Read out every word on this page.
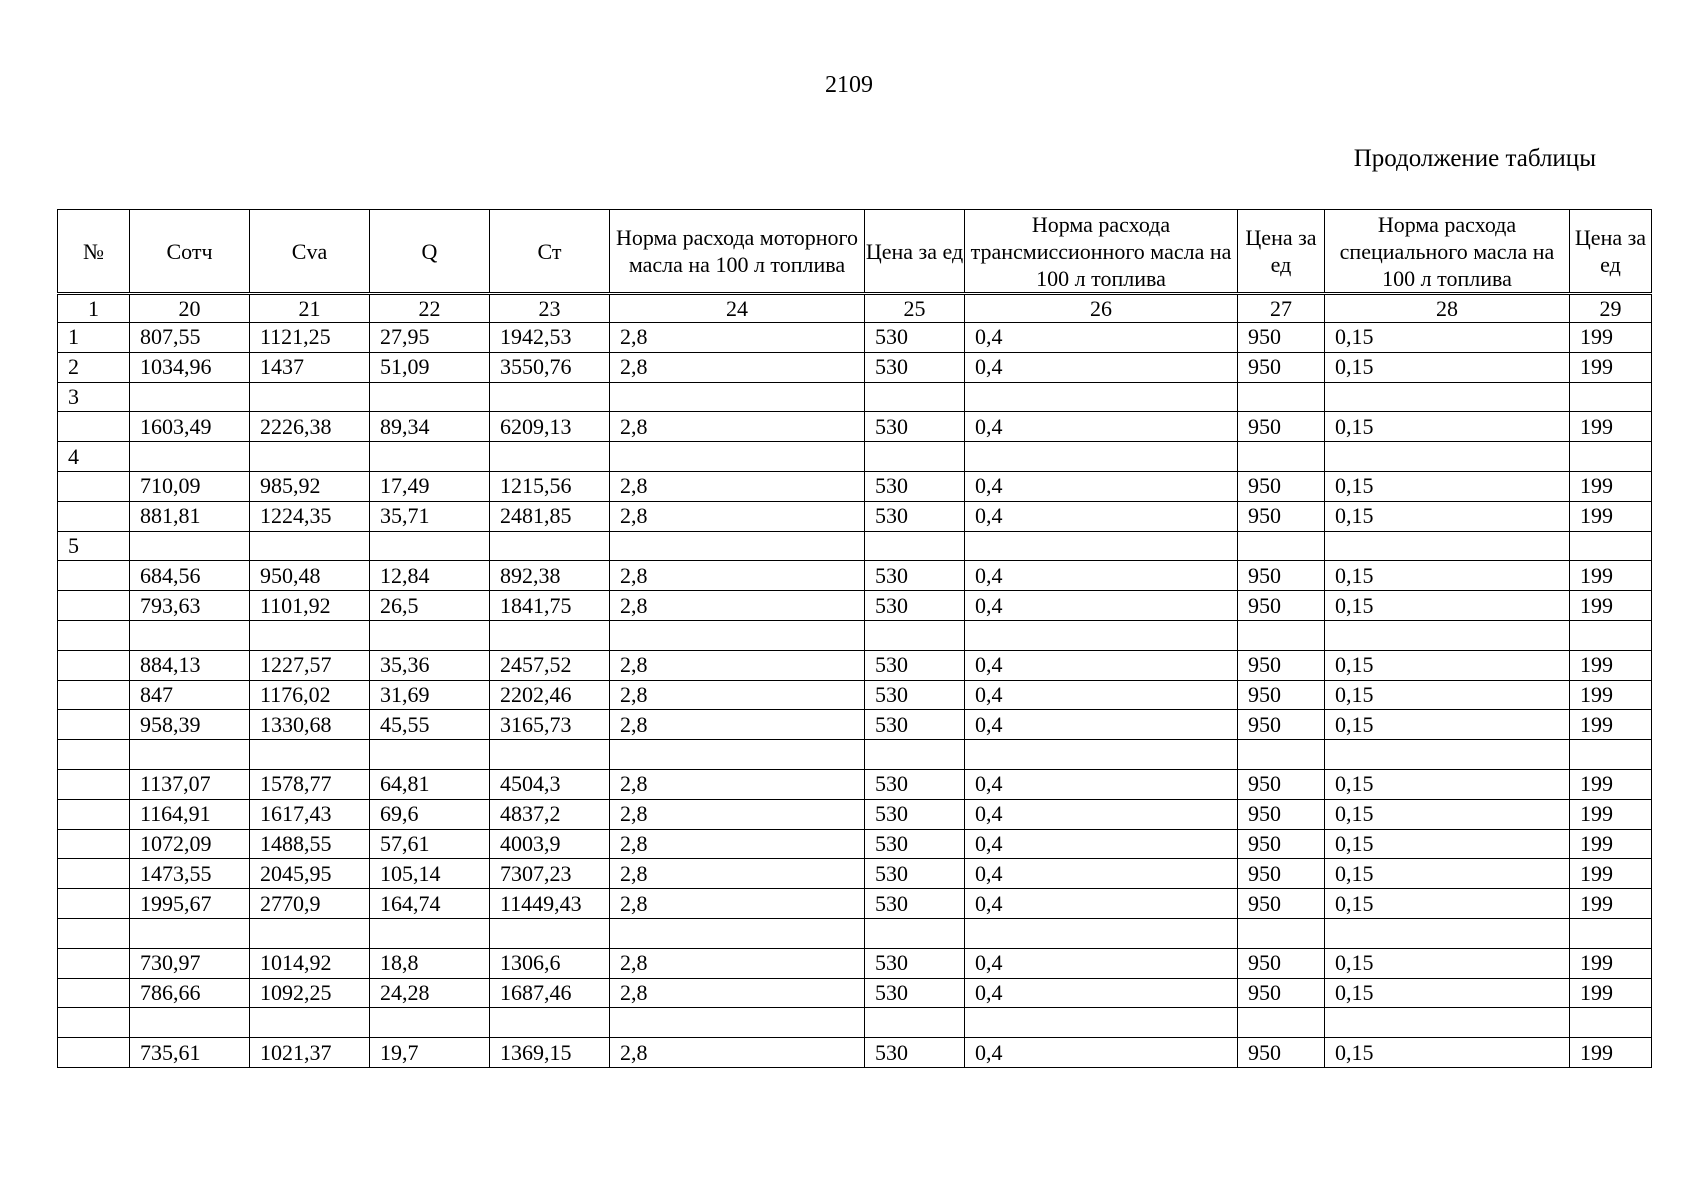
2109
Продолжение таблицы
№	Сотч	Cva	Q	Ст	Норма расхода моторного масла на 100 л топлива	Цена за ед	Норма расхода трансмиссионного масла на 100 л топлива	Цена за ед	Норма расхода специального масла на 100 л топлива	Цена за ед
1	20	21	22	23	24	25	26	27	28	29
1	807,55	1121,25	27,95	1942,53	2,8	530	0,4	950	0,15	199
2	1034,96	1437	51,09	3550,76	2,8	530	0,4	950	0,15	199
3										
	1603,49	2226,38	89,34	6209,13	2,8	530	0,4	950	0,15	199
4										
	710,09	985,92	17,49	1215,56	2,8	530	0,4	950	0,15	199
	881,81	1224,35	35,71	2481,85	2,8	530	0,4	950	0,15	199
5										
	684,56	950,48	12,84	892,38	2,8	530	0,4	950	0,15	199
	793,63	1101,92	26,5	1841,75	2,8	530	0,4	950	0,15	199

	884,13	1227,57	35,36	2457,52	2,8	530	0,4	950	0,15	199
	847	1176,02	31,69	2202,46	2,8	530	0,4	950	0,15	199
	958,39	1330,68	45,55	3165,73	2,8	530	0,4	950	0,15	199

	1137,07	1578,77	64,81	4504,3	2,8	530	0,4	950	0,15	199
	1164,91	1617,43	69,6	4837,2	2,8	530	0,4	950	0,15	199
	1072,09	1488,55	57,61	4003,9	2,8	530	0,4	950	0,15	199
	1473,55	2045,95	105,14	7307,23	2,8	530	0,4	950	0,15	199
	1995,67	2770,9	164,74	11449,43	2,8	530	0,4	950	0,15	199

	730,97	1014,92	18,8	1306,6	2,8	530	0,4	950	0,15	199
	786,66	1092,25	24,28	1687,46	2,8	530	0,4	950	0,15	199

	735,61	1021,37	19,7	1369,15	2,8	530	0,4	950	0,15	199
